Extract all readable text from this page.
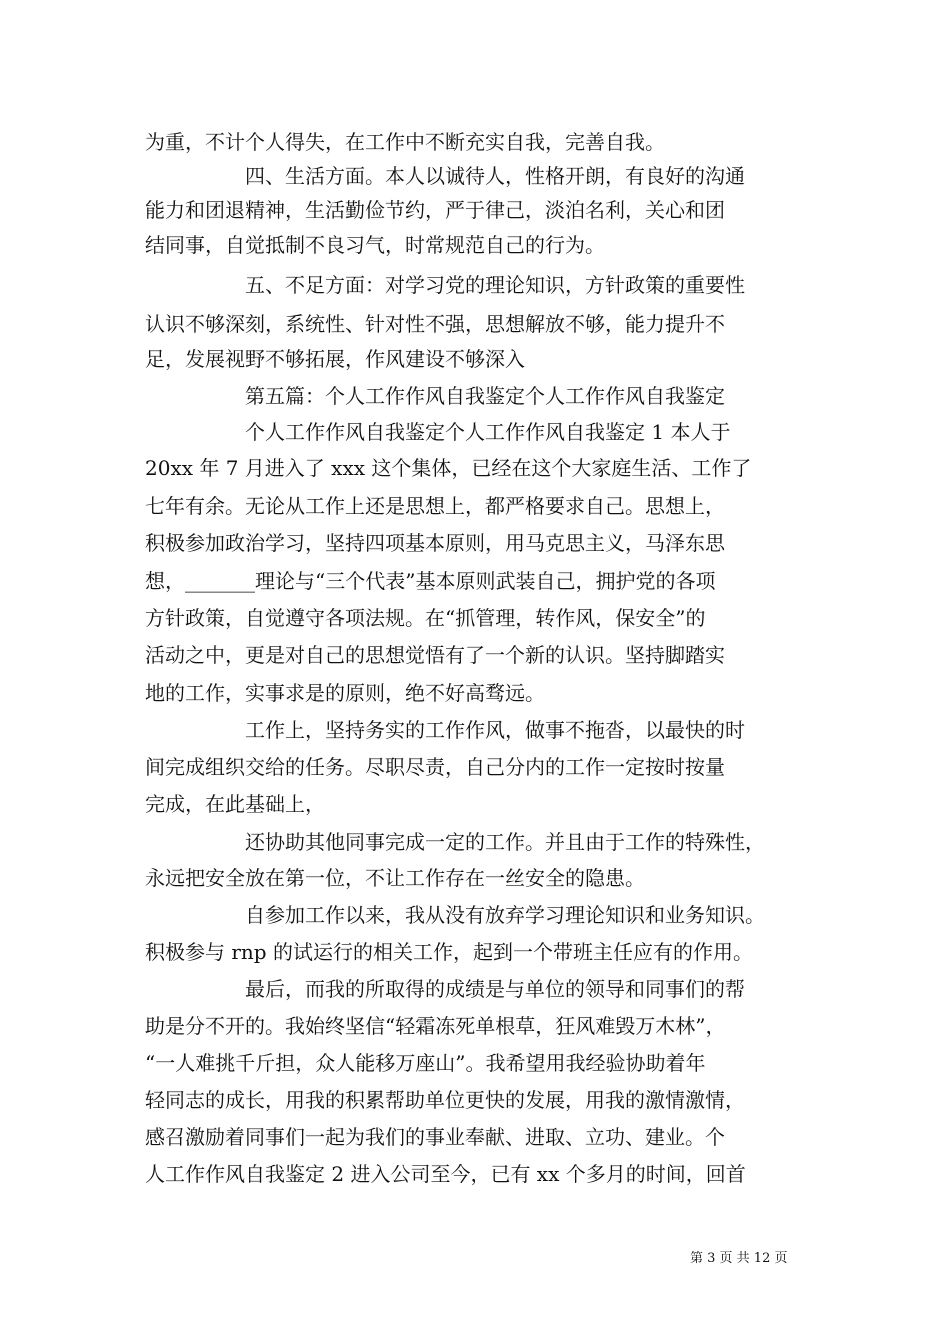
为重，不计个人得失，在工作中不断充实自我，完善自我。
四、生活方面。本人以诚待人，性格开朗，有良好的沟通
能力和团退精神，生活勤俭节约，严于律己，淡泊名利，关心和团
结同事，自觉抵制不良习气，时常规范自己的行为。
五、不足方面：对学习党的理论知识，方针政策的重要性
认识不够深刻，系统性、针对性不强，思想解放不够，能力提升不
足，发展视野不够拓展，作风建设不够深入
第五篇：个人工作作风自我鉴定个人工作作风自我鉴定
个人工作作风自我鉴定个人工作作风自我鉴定 1 本人于
20xx 年 7 月进入了 xxx 这个集体，已经在这个大家庭生活、工作了
七年有余。无论从工作上还是思想上，都严格要求自己。思想上，
积极参加政治学习，坚持四项基本原则，用马克思主义，马泽东思
想，_______理论与“三个代表”基本原则武装自己，拥护党的各项
方针政策，自觉遵守各项法规。在“抓管理，转作风，保安全”的
活动之中，更是对自己的思想觉悟有了一个新的认识。坚持脚踏实
地的工作，实事求是的原则，绝不好高骛远。
工作上，坚持务实的工作作风，做事不拖沓，以最快的时
间完成组织交给的任务。尽职尽责，自己分内的工作一定按时按量
完成，在此基础上，
还协助其他同事完成一定的工作。并且由于工作的特殊性，
永远把安全放在第一位，不让工作存在一丝安全的隐患。
自参加工作以来，我从没有放弃学习理论知识和业务知识。
积极参与 rnp 的试运行的相关工作，起到一个带班主任应有的作用。
最后，而我的所取得的成绩是与单位的领导和同事们的帮
助是分不开的。我始终坚信“轻霜冻死单根草，狂风难毁万木林”，
“一人难挑千斤担，众人能移万座山”。我希望用我经验协助着年
轻同志的成长，用我的积累帮助单位更快的发展，用我的激情激情，
感召激励着同事们一起为我们的事业奉献、进取、立功、建业。个
人工作作风自我鉴定 2 进入公司至今，已有 xx 个多月的时间，回首
第 3 页 共 12 页
